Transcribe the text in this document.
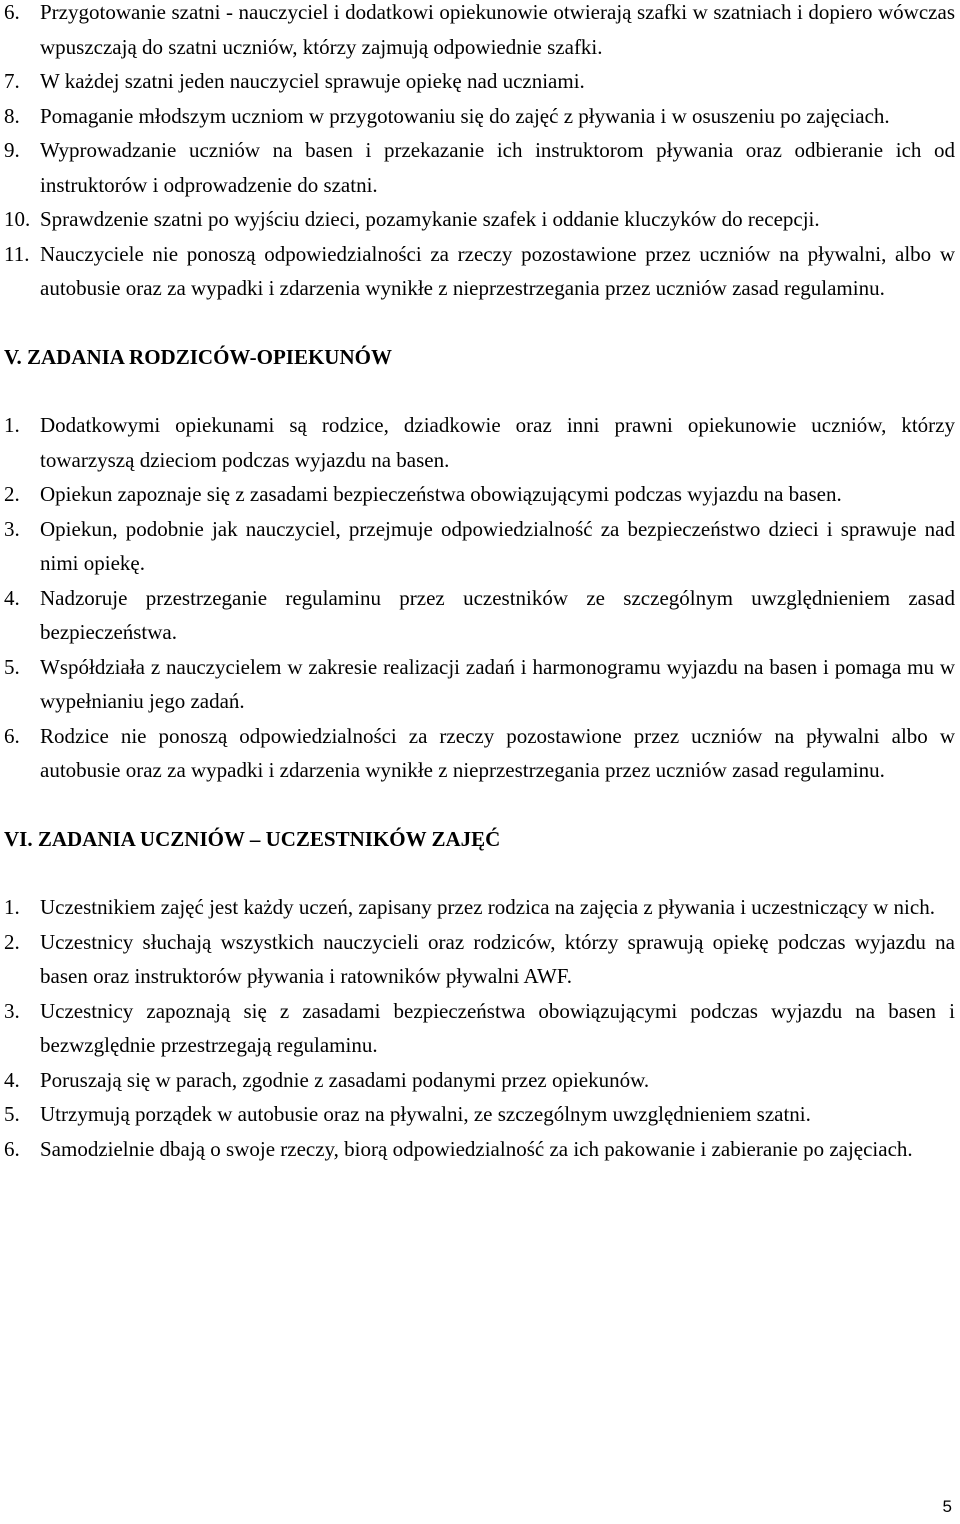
6. Przygotowanie szatni - nauczyciel i dodatkowi opiekunowie otwierają szafki w szatniach i dopiero wówczas wpuszczają do szatni uczniów, którzy zajmują odpowiednie szafki.
7. W każdej szatni jeden nauczyciel sprawuje opiekę nad uczniami.
8. Pomaganie młodszym uczniom w przygotowaniu się do zajęć z pływania i w osuszeniu po zajęciach.
9. Wyprowadzanie uczniów na basen i przekazanie ich instruktorom pływania oraz odbieranie ich od instruktorów i odprowadzenie do szatni.
10. Sprawdzenie szatni po wyjściu dzieci, pozamykanie szafek i oddanie kluczyków do recepcji.
11. Nauczyciele nie ponoszą odpowiedzialności za rzeczy pozostawione przez uczniów na pływalni, albo w autobusie oraz za wypadki i zdarzenia wynikłe z nieprzestrzegania przez uczniów zasad regulaminu.
V. ZADANIA RODZICÓW-OPIEKUNÓW
1. Dodatkowymi opiekunami są rodzice, dziadkowie oraz inni prawni opiekunowie uczniów, którzy towarzyszą dzieciom podczas wyjazdu na basen.
2. Opiekun zapoznaje się z zasadami bezpieczeństwa obowiązującymi podczas wyjazdu na basen.
3. Opiekun, podobnie jak nauczyciel, przejmuje odpowiedzialność za bezpieczeństwo dzieci i sprawuje nad nimi opiekę.
4. Nadzoruje przestrzeganie regulaminu przez uczestników ze szczególnym uwzględnieniem zasad bezpieczeństwa.
5. Współdziała z nauczycielem w zakresie realizacji zadań i harmonogramu wyjazdu na basen i pomaga mu w wypełnianiu jego zadań.
6. Rodzice nie ponoszą odpowiedzialności za rzeczy pozostawione przez uczniów na pływalni albo w autobusie oraz za wypadki i zdarzenia wynikłe z nieprzestrzegania przez uczniów zasad regulaminu.
VI. ZADANIA UCZNIÓW – UCZESTNIKÓW ZAJĘĆ
1. Uczestnikiem zajęć jest każdy uczeń, zapisany przez rodzica na zajęcia z pływania i uczestniczący w nich.
2. Uczestnicy słuchają wszystkich nauczycieli oraz rodziców, którzy sprawują opiekę podczas wyjazdu na basen oraz instruktorów pływania i ratowników pływalni AWF.
3. Uczestnicy zapoznają się z zasadami bezpieczeństwa obowiązującymi podczas wyjazdu na basen i bezwzględnie przestrzegają regulaminu.
4. Poruszają się w parach, zgodnie z zasadami podanymi przez opiekunów.
5. Utrzymują porządek w autobusie oraz na pływalni, ze szczególnym uwzględnieniem szatni.
6. Samodzielnie dbają o swoje rzeczy, biorą odpowiedzialność za ich pakowanie i zabieranie po zajęciach.
5
